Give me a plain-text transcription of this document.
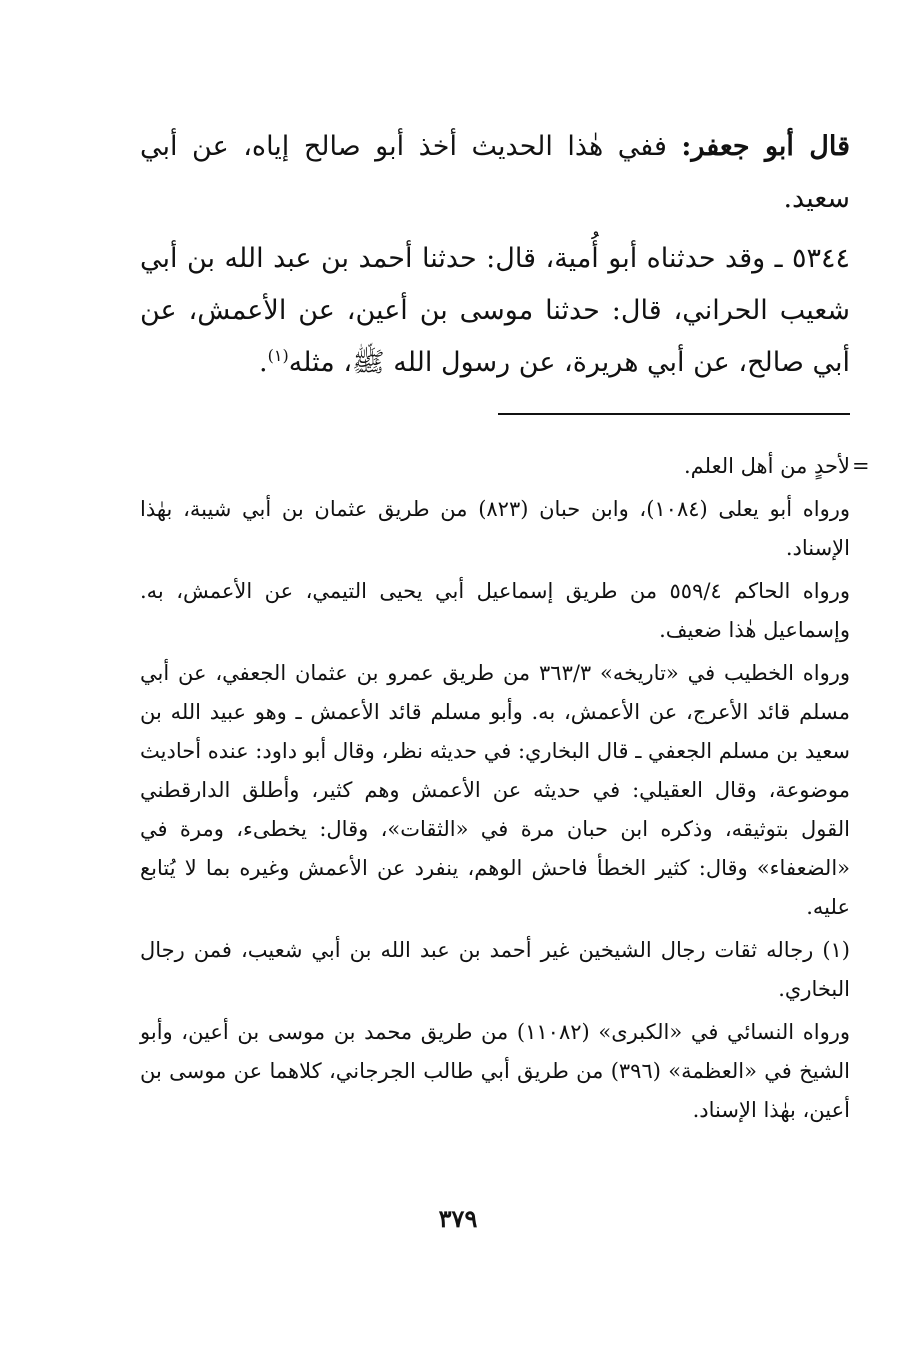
قال أبو جعفر: ففي هٰذا الحديث أخذ أبو صالح إياه، عن أبي سعيد.

٥٣٤٤ ـ وقد حدثناه أبو أُمية، قال: حدثنا أحمد بن عبد الله بن أبي شعيب الحراني، قال: حدثنا موسى بن أعين، عن الأعمش، عن أبي صالح، عن أبي هريرة، عن رسول الله ﷺ، مثله$^{(١)}$.

=

لأحدٍ من أهل العلم.

ورواه أبو يعلى (١٠٨٤)، وابن حبان (٨٢٣) من طريق عثمان بن أبي شيبة، بهٰذا الإسناد.

ورواه الحاكم ٥٥٩/٤ من طريق إسماعيل أبي يحيى التيمي، عن الأعمش، به. وإسماعيل هٰذا ضعيف.

ورواه الخطيب في «تاريخه» ٣٦٣/٣ من طريق عمرو بن عثمان الجعفي، عن أبي مسلم قائد الأعرج، عن الأعمش، به. وأبو مسلم قائد الأعمش ـ وهو عبيد الله بن سعيد بن مسلم الجعفي ـ قال البخاري: في حديثه نظر، وقال أبو داود: عنده أحاديث موضوعة، وقال العقيلي: في حديثه عن الأعمش وهم كثير، وأطلق الدارقطني القول بتوثيقه، وذكره ابن حبان مرة في «الثقات»، وقال: يخطىء، ومرة في «الضعفاء» وقال: كثير الخطأ فاحش الوهم، ينفرد عن الأعمش وغيره بما لا يُتابع عليه.

(١) رجاله ثقات رجال الشيخين غير أحمد بن عبد الله بن أبي شعيب، فمن رجال البخاري.

ورواه النسائي في «الكبرى» (١١٠٨٢) من طريق محمد بن موسى بن أعين، وأبو الشيخ في «العظمة» (٣٩٦) من طريق أبي طالب الجرجاني، كلاهما عن موسى بن أعين، بهٰذا الإسناد.

٣٧٩
